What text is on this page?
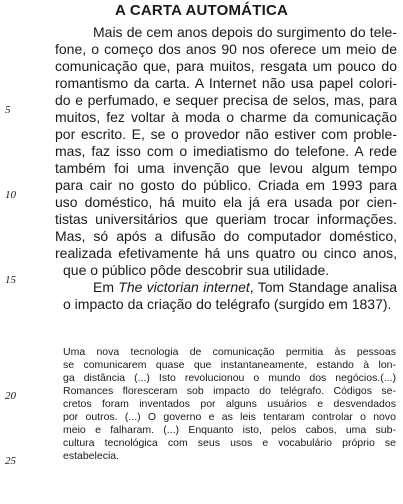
A CARTA AUTOMÁTICA
Mais de cem anos depois do surgimento do tele-
fone, o começo dos anos 90 nos oferece um meio de
comunicação que, para muitos, resgata um pouco do
romantismo da carta. A Internet não usa papel colori-
do e perfumado, e sequer precisa de selos, mas, para
muitos, fez voltar à moda o charme da comunicação
por escrito. E, se o provedor não estiver com proble-
mas, faz isso com o imediatismo do telefone. A rede
também foi uma invenção que levou algum tempo
para cair no gosto do público. Criada em 1993 para
uso doméstico, há muito ela já era usada por cien-
tistas universitários que queriam trocar informações.
Mas, só após a difusão do computador doméstico,
realizada efetivamente há uns quatro ou cinco anos,
que o público pôde descobrir sua utilidade.
Em The victorian internet, Tom Standage analisa
o impacto da criação do telégrafo (surgido em 1837).
5
10
15
20
25
Uma nova tecnologia de comunicação permitia às pessoas
se comunicarem quase que instantaneamente, estando à lon-
ga distância (...) Isto revolucionou o mundo dos negócios.(...)
Romances floresceram sob impacto do telégrafo. Códigos se-
cretos foram inventados por alguns usuários e desvendados
por outros. (...) O governo e as leis tentaram controlar o novo
meio e falharam. (...) Enquanto isto, pelos cabos, uma sub-
cultura tecnológica com seus usos e vocabulário próprio se
estabelecia.
